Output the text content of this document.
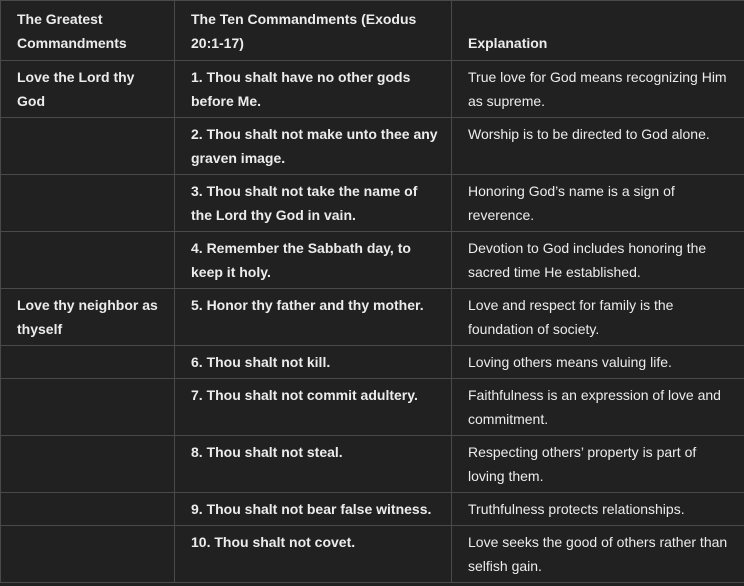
The Greatest Commandments	The Ten Commandments (Exodus 20:1-17)	Explanation
Love the Lord thy God	1. Thou shalt have no other gods before Me.	True love for God means recognizing Him as supreme.
	2. Thou shalt not make unto thee any graven image.	Worship is to be directed to God alone.
	3. Thou shalt not take the name of the Lord thy God in vain.	Honoring God’s name is a sign of reverence.
	4. Remember the Sabbath day, to keep it holy.	Devotion to God includes honoring the sacred time He established.
Love thy neighbor as thyself	5. Honor thy father and thy mother.	Love and respect for family is the foundation of society.
	6. Thou shalt not kill.	Loving others means valuing life.
	7. Thou shalt not commit adultery.	Faithfulness is an expression of love and commitment.
	8. Thou shalt not steal.	Respecting others’ property is part of loving them.
	9. Thou shalt not bear false witness.	Truthfulness protects relationships.
	10. Thou shalt not covet.	Love seeks the good of others rather than selfish gain.
